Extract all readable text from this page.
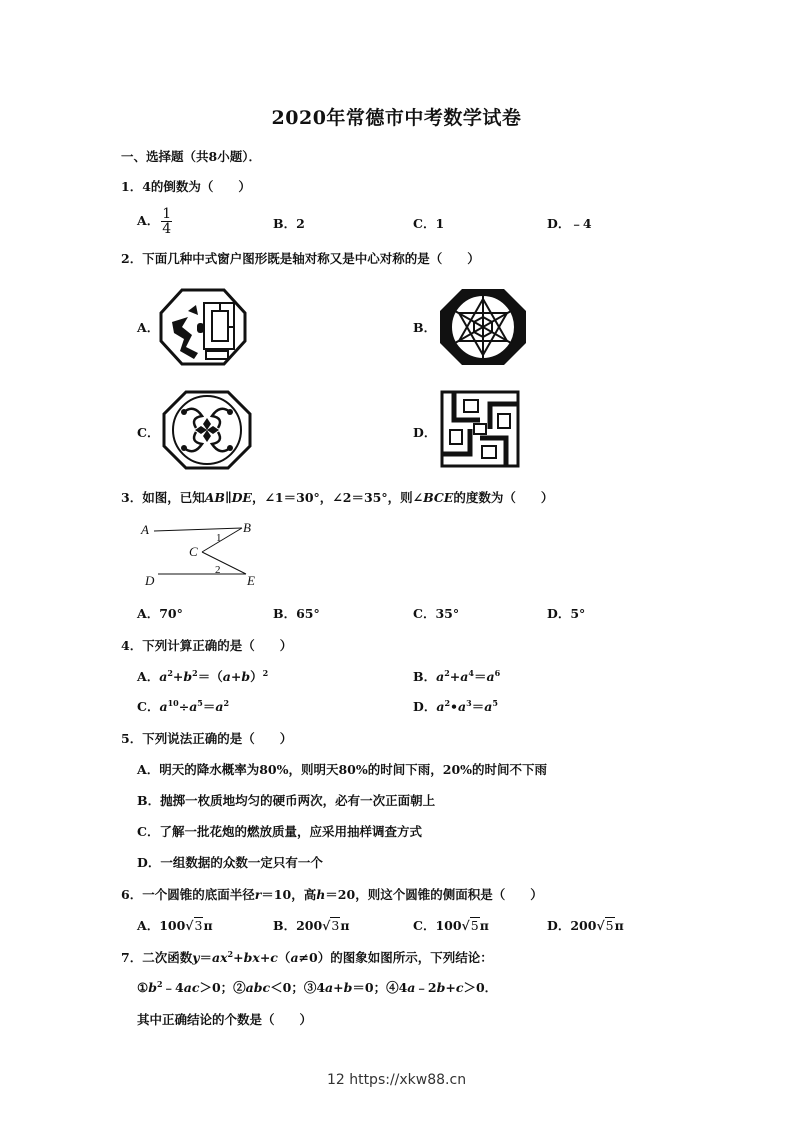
2020年常德市中考数学试卷
一、选择题（共8小题）．
1．4的倒数为（　　）
A． $\frac{1}{4}$	B．2	C．1	D．﹣4
2．下面几种中式窗户图形既是轴对称又是中心对称的是（　　）
A．	B．
C．	D．
3．如图，已知AB∥DE，∠1＝30°，∠2＝35°，则∠BCE的度数为（　　）
A	B
C
D	E
1
2
A．70°	B．65°	C．35°	D．5°
4．下列计算正确的是（　　）
A．$a^2+b^2=(a+b)^2$	B．$a^2+a^4=a^6$
C．$a^{10}\div a^5=a^2$	D．$a^2•a^3=a^5$
5．下列说法正确的是（　　）
A．明天的降水概率为80%，则明天80%的时间下雨，20%的时间不下雨
B．抛掷一枚质地均匀的硬币两次，必有一次正面朝上
C．了解一批花炮的燃放质量，应采用抽样调查方式
D．一组数据的众数一定只有一个
6．一个圆锥的底面半径r＝10，高h＝20，则这个圆锥的侧面积是（　　）
A．100√3π	B．200√3π	C．100√5π	D．200√5π
7．二次函数$y=ax^2+bx+c(a\ne 0)$的图象如图所示，下列结论：
$①b^2﹣4ac>0$；②abc＜0；③4a+b＝0；④4a﹣2b+c＞0．
其中正确结论的个数是（　　）
12 https://xkw88.cn
